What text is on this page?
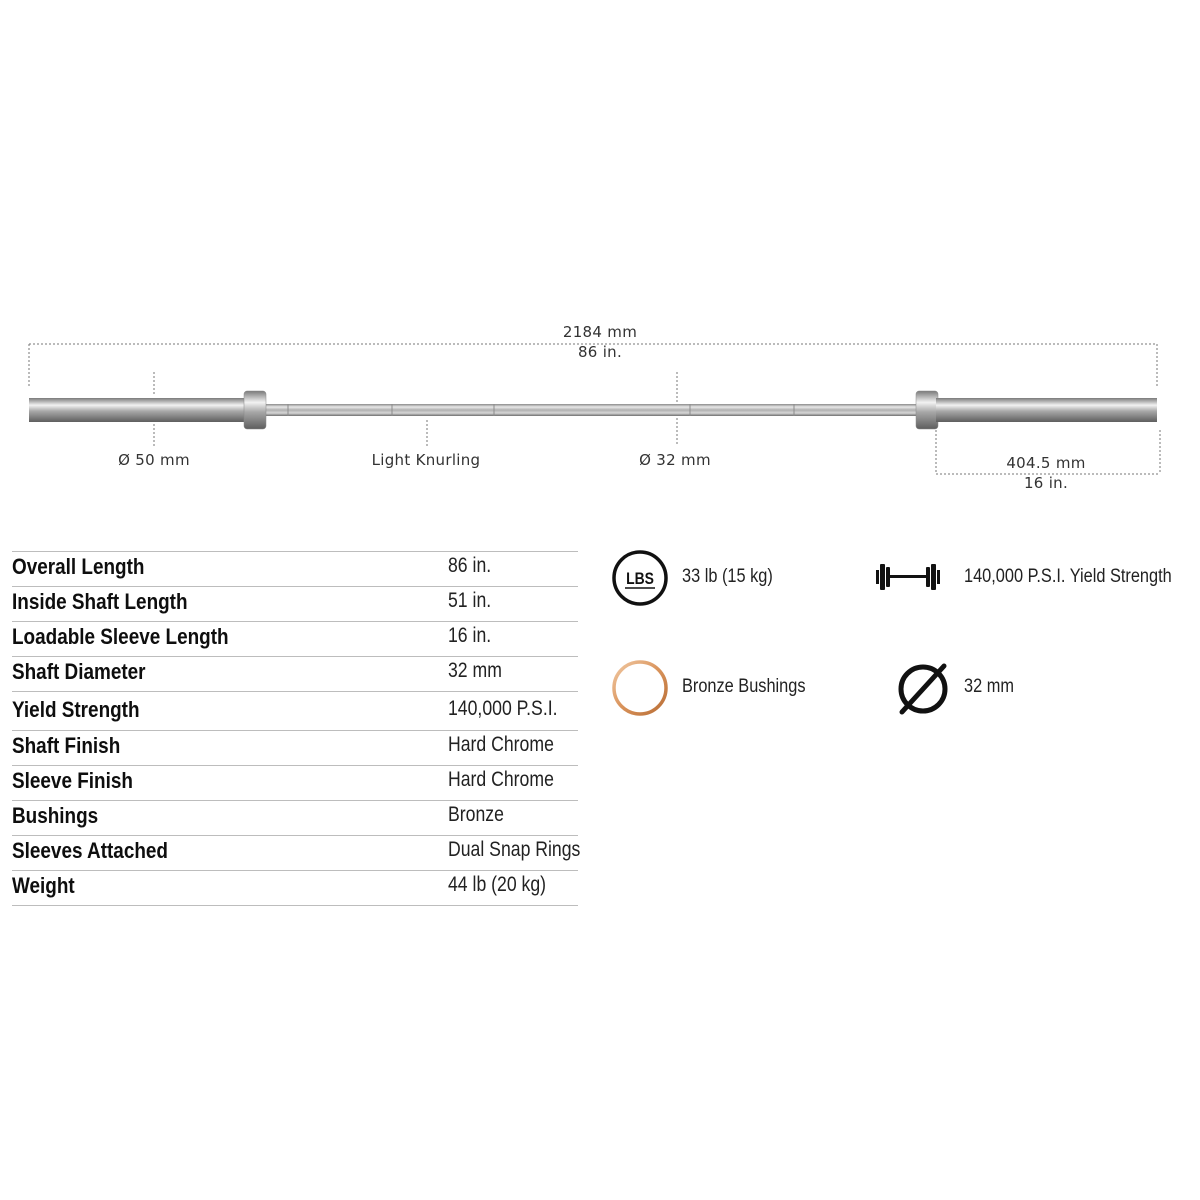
2184 mm
86 in.
Ø 50 mm	Light Knurling	Ø 32 mm	404.5 mm
16 in.
Overall Length	86 in.
Inside Shaft Length	51 in.
Loadable Sleeve Length	16 in.
Shaft Diameter	32 mm
Yield Strength	140,000 P.S.I.
Shaft Finish	Hard Chrome
Sleeve Finish	Hard Chrome
Bushings	Bronze
Sleeves Attached	Dual Snap Rings
Weight	44 lb (20 kg)
LBS 33 lb (15 kg)	140,000 P.S.I. Yield Strength
Bronze Bushings	32 mm
